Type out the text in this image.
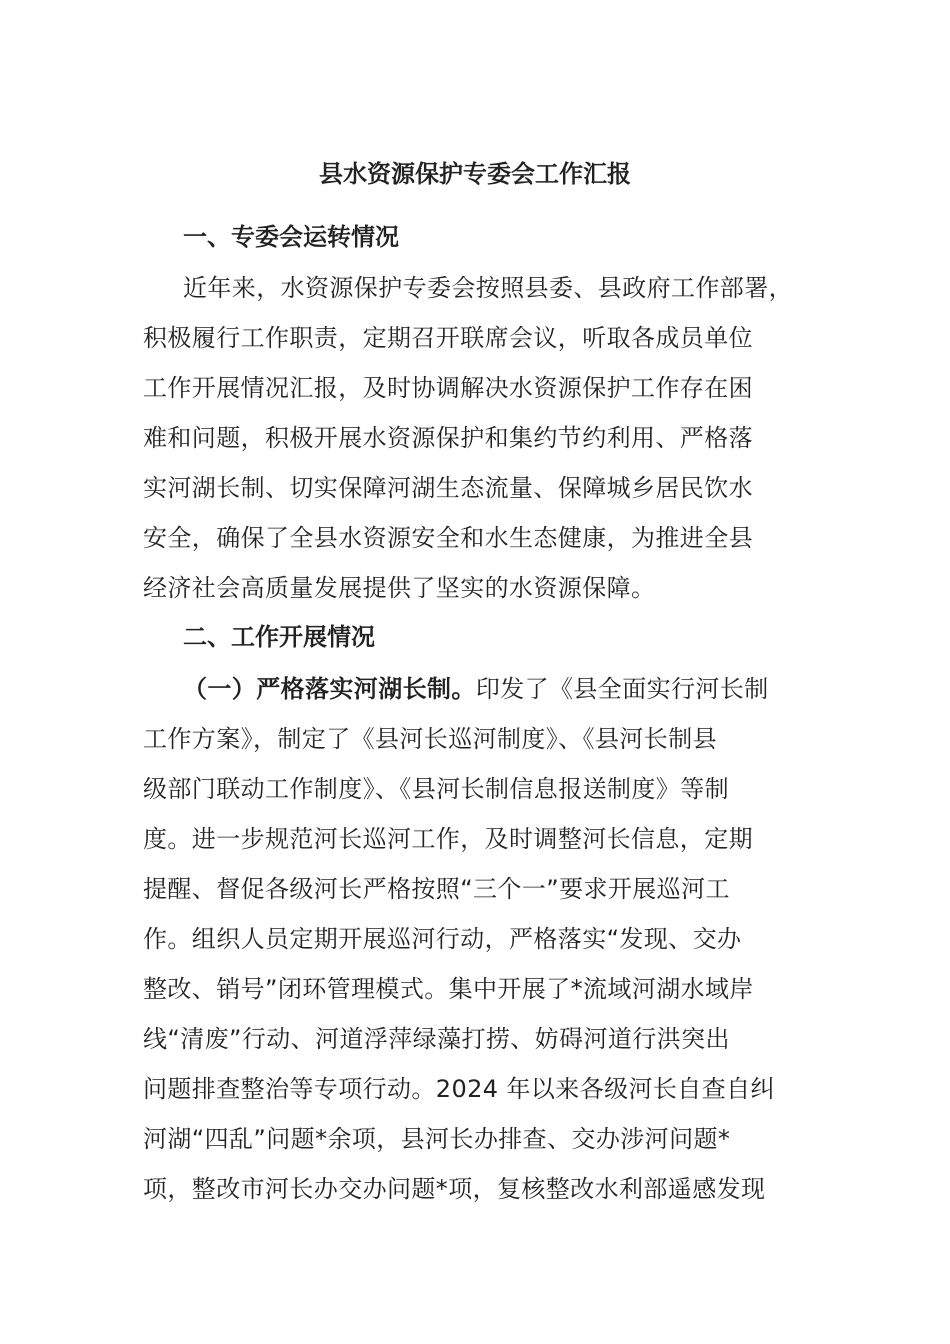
县水资源保护专委会工作汇报
一、专委会运转情况
近年来，水资源保护专委会按照县委、县政府工作部署，
积极履行工作职责，定期召开联席会议，听取各成员单位
工作开展情况汇报，及时协调解决水资源保护工作存在困
难和问题，积极开展水资源保护和集约节约利用、严格落
实河湖长制、切实保障河湖生态流量、保障城乡居民饮水
安全，确保了全县水资源安全和水生态健康，为推进全县
经济社会高质量发展提供了坚实的水资源保障。
二、工作开展情况
（一）严格落实河湖长制。印发了《县全面实行河长制
工作方案》，制定了《县河长巡河制度》、《县河长制县
级部门联动工作制度》、《县河长制信息报送制度》等制
度。进一步规范河长巡河工作，及时调整河长信息，定期
提醒、督促各级河长严格按照“三个一”要求开展巡河工
作。组织人员定期开展巡河行动，严格落实“发现、交办
整改、销号”闭环管理模式。集中开展了*流域河湖水域岸
线“清废”行动、河道浮萍绿藻打捞、妨碍河道行洪突出
问题排查整治等专项行动。2024 年以来各级河长自查自纠
河湖“四乱”问题*余项，县河长办排查、交办涉河问题*
项，整改市河长办交办问题*项，复核整改水利部遥感发现
